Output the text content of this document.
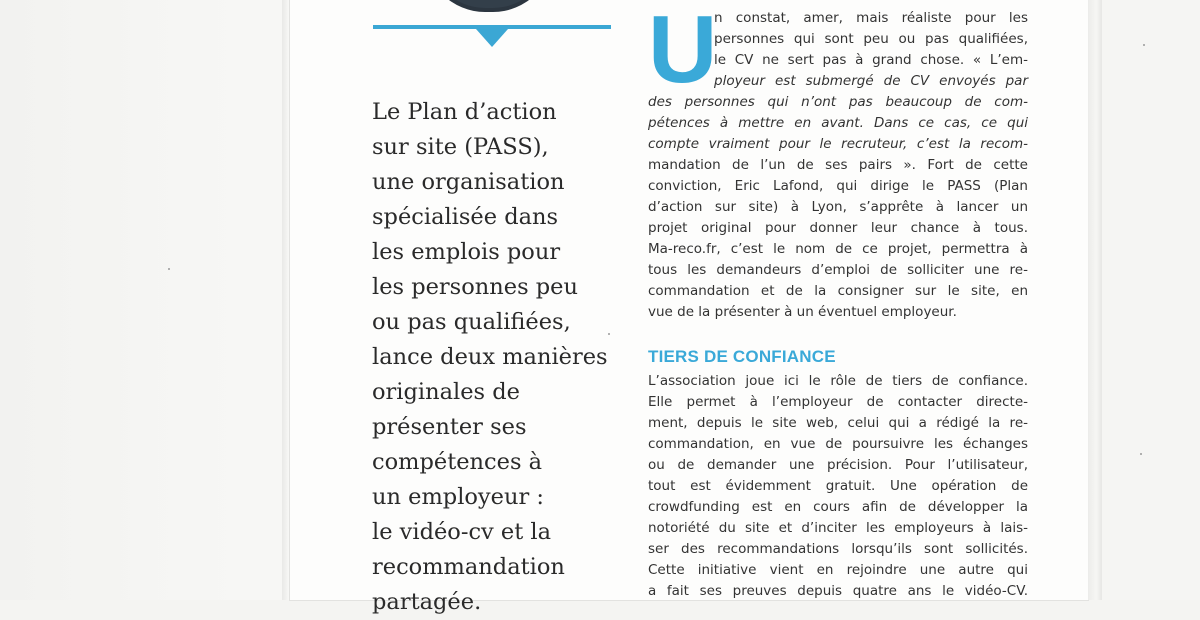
Le Plan d’action
sur site (PASS),
une organisation
spécialisée dans
les emplois pour
les personnes peu
ou pas qualifiées,
lance deux manières
originales de
présenter ses
compétences à
un employeur :
le vidéo-cv et la
recommandation
partagée.

U
n constat, amer, mais réaliste pour les
personnes qui sont peu ou pas qualifiées,
le CV ne sert pas à grand chose. « L’em-
ployeur est submergé de CV envoyés par
des personnes qui n’ont pas beaucoup de com-
pétences à mettre en avant. Dans ce cas, ce qui
compte vraiment pour le recruteur, c’est la recom-
mandation de l’un de ses pairs ». Fort de cette
conviction, Eric Lafond, qui dirige le PASS (Plan
d’action sur site) à Lyon, s’apprête à lancer un
projet original pour donner leur chance à tous.
Ma-reco.fr, c’est le nom de ce projet, permettra à
tous les demandeurs d’emploi de solliciter une re-
commandation et de la consigner sur le site, en
vue de la présenter à un éventuel employeur.
TIERS DE CONFIANCE
L’association joue ici le rôle de tiers de confiance.
Elle permet à l’employeur de contacter directe-
ment, depuis le site web, celui qui a rédigé la re-
commandation, en vue de poursuivre les échanges
ou de demander une précision. Pour l’utilisateur,
tout est évidemment gratuit. Une opération de
crowdfunding est en cours afin de développer la
notoriété du site et d’inciter les employeurs à lais-
ser des recommandations lorsqu’ils sont sollicités.
Cette initiative vient en rejoindre une autre qui
a fait ses preuves depuis quatre ans le vidéo-CV.
